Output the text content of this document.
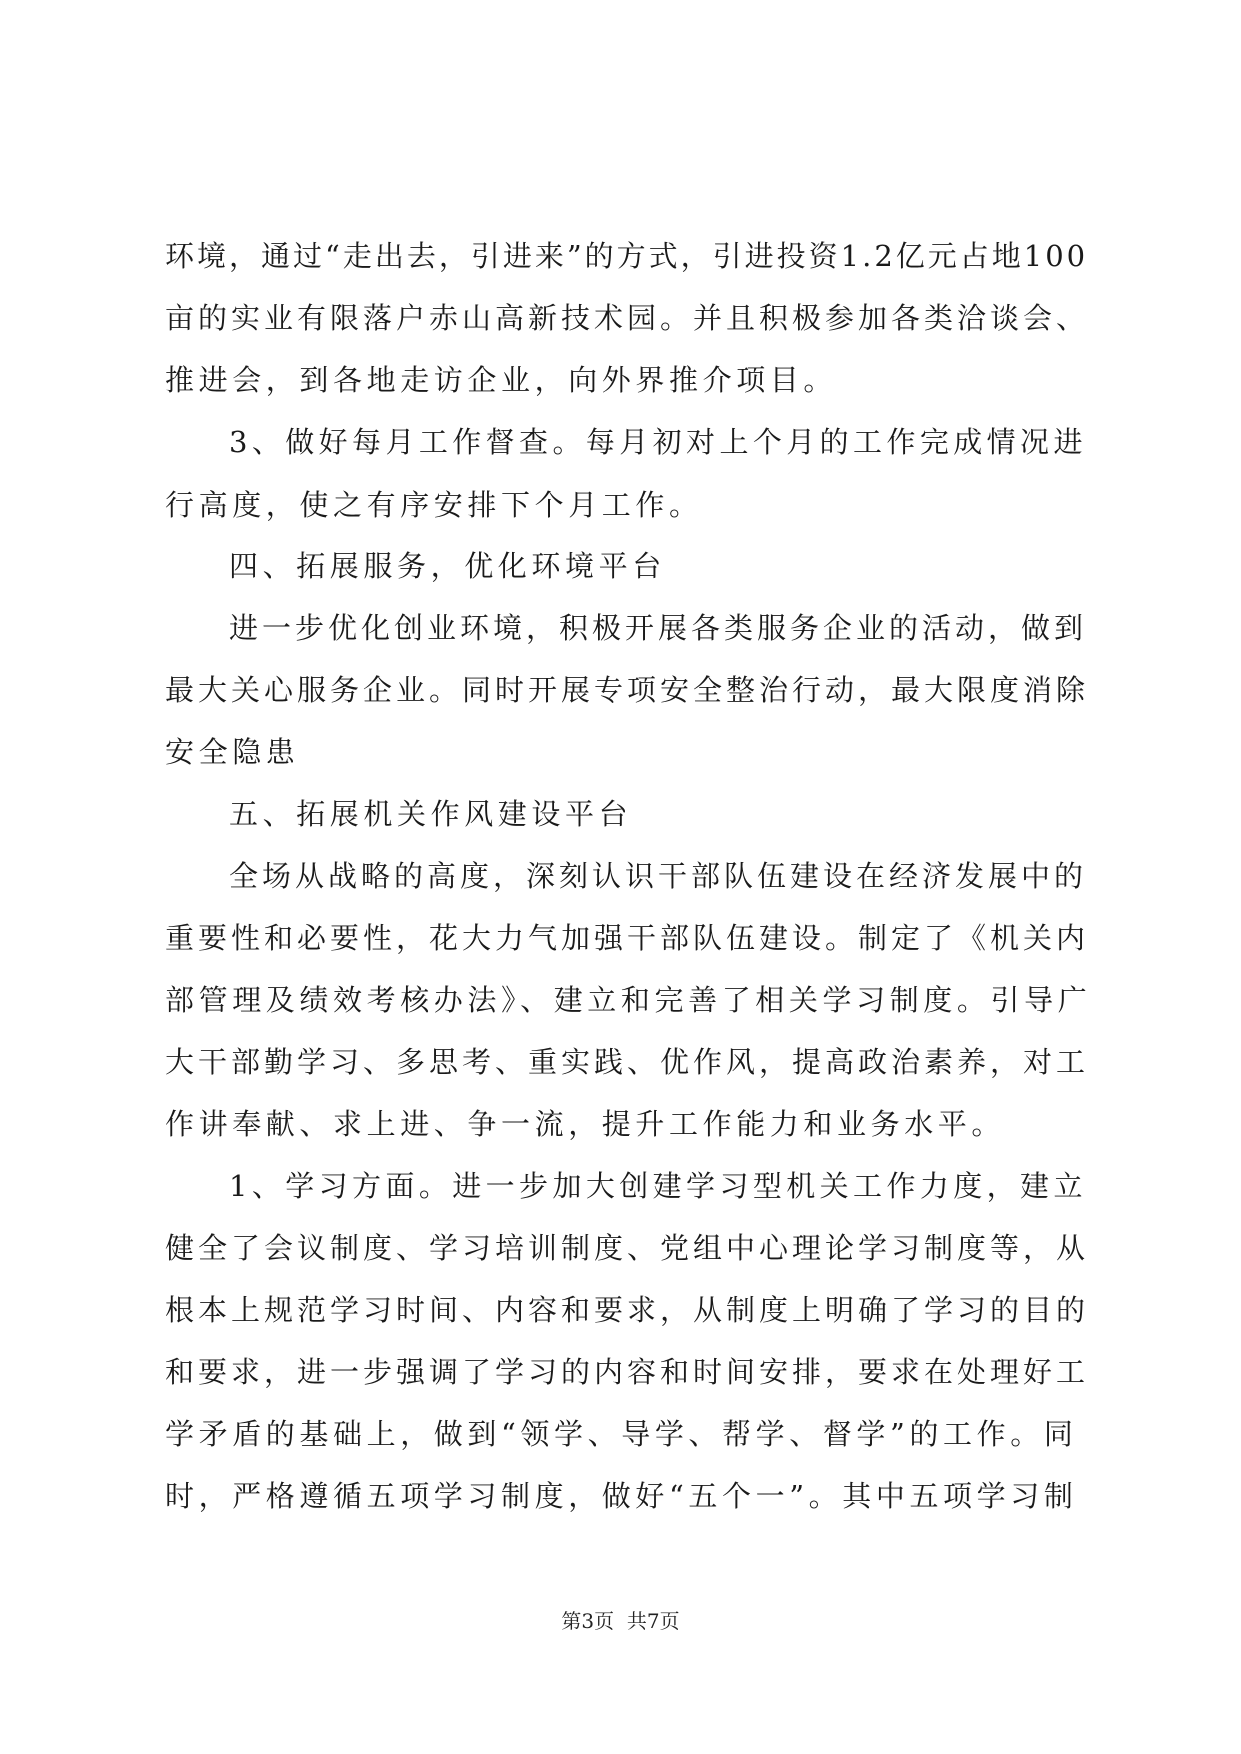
环境，通过“走出去，引进来”的方式，引进投资1.2亿元占地100
亩的实业有限落户赤山高新技术园。并且积极参加各类洽谈会、
推进会，到各地走访企业，向外界推介项目。
3、做好每月工作督查。每月初对上个月的工作完成情况进
行高度，使之有序安排下个月工作。
四、拓展服务，优化环境平台
进一步优化创业环境，积极开展各类服务企业的活动，做到
最大关心服务企业。同时开展专项安全整治行动，最大限度消除
安全隐患
五、拓展机关作风建设平台
全场从战略的高度，深刻认识干部队伍建设在经济发展中的
重要性和必要性，花大力气加强干部队伍建设。制定了《机关内
部管理及绩效考核办法》、建立和完善了相关学习制度。引导广
大干部勤学习、多思考、重实践、优作风，提高政治素养，对工
作讲奉献、求上进、争一流，提升工作能力和业务水平。
1、学习方面。进一步加大创建学习型机关工作力度，建立
健全了会议制度、学习培训制度、党组中心理论学习制度等，从
根本上规范学习时间、内容和要求，从制度上明确了学习的目的
和要求，进一步强调了学习的内容和时间安排，要求在处理好工
学矛盾的基础上，做到“领学、导学、帮学、督学”的工作。同
时，严格遵循五项学习制度，做好“五个一”。其中五项学习制
第3页  共7页
